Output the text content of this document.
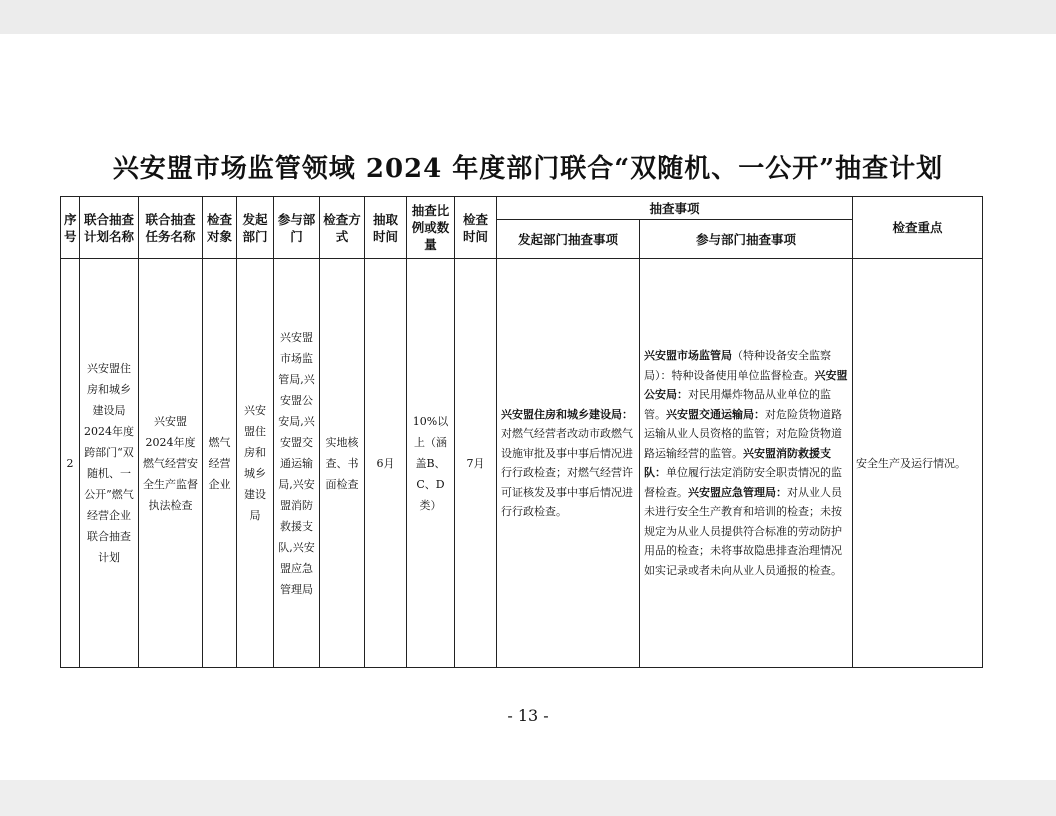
兴安盟市场监管领域 2024 年度部门联合“双随机、一公开”抽查计划
序号	联合抽查计划名称	联合抽查任务名称	检查对象	发起部门	参与部门	检查方式	抽取时间	抽查比例或数量	检查时间	抽查事项		检查重点
										发起部门抽查事项	参与部门抽查事项	
2	兴安盟住房和城乡建设局2024年度跨部门“双随机、一公开”燃气经营企业联合抽查计划	兴安盟2024年度燃气经营安全生产监督执法检查	燃气经营企业	兴安盟住房和城乡建设局	兴安盟市场监管局,兴安盟公安局,兴安盟交通运输局,兴安盟消防救援支队,兴安盟应急管理局	实地核查、书面检查	6月	10%以上（涵盖B、C、D类）	7月	兴安盟住房和城乡建设局：对燃气经营者改动市政燃气设施审批及事中事后情况进行行政检查；对燃气经营许可证核发及事中事后情况进行行政检查。	兴安盟市场监管局（特种设备安全监察局）：特种设备使用单位监督检查。兴安盟公安局：对民用爆炸物品从业单位的监管。兴安盟交通运输局：对危险货物道路运输从业人员资格的监管；对危险货物道路运输经营的监管。兴安盟消防救援支队：单位履行法定消防安全职责情况的监督检查。兴安盟应急管理局：对从业人员未进行安全生产教育和培训的检查；未按规定为从业人员提供符合标准的劳动防护用品的检查；未将事故隐患排查治理情况如实记录或者未向从业人员通报的检查。	安全生产及运行情况。
- 13 -
